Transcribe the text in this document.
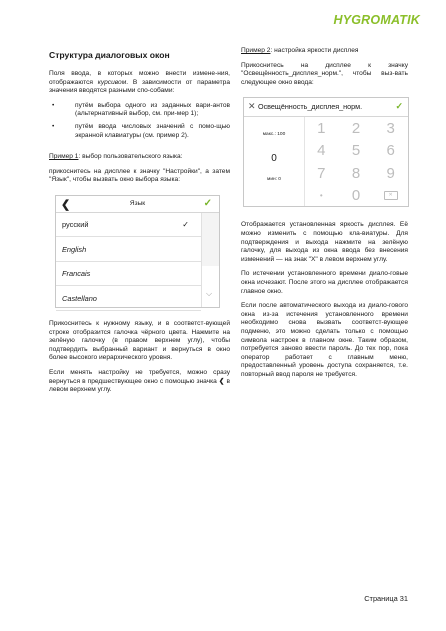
HYGROMATIK
Структура диалоговых окон

Поля ввода, в которых можно внести измене-ния, отображаются курсивом. В зависимости от параметра значения вводятся разными спо-собами:

•	путём выбора одного из заданных вари-антов (альтернативный выбор, см. при-мер 1);
•	путём ввода числовых значений с помо-щью экранной клавиатуры (см. пример 2).

Пример 1: выбор пользовательского языка:

прикоснитесь на дисплее к значку "Настройки", а затем "Язык", чтобы вызвать окно выбора языка:

❮	Язык	✓
русский	✓
English
Francais
Castellano
⌵

Прикоснитесь к нужному языку, и в соответст-вующей строке отобразится галочка чёрного цвета. Нажмите на зелёную галочку (в правом верхнем углу), чтобы подтвердить выбранный вариант и вернуться в окно более высокого иерархического уровня.

Если менять настройку не требуется, можно сразу вернуться в предшествующее окно с помощью значка ❮ в левом верхнем углу.

Пример 2: настройка яркости дисплея

Прикоснитесь на дисплее к значку "Освещённость_дисплея_норм.", чтобы выз-вать следующее окно ввода:

✕ Освещённость_дисплея_норм.	✓
макс.: 100
0
мин: 0
1	2	3
4	5	6
7	8	9
•	0	✕

Отображается установленная яркость дисплея. Её можно изменить с помощью кла-виатуры. Для подтверждения и выхода нажмите на зелёную галочку, для выхода из окна ввода без внесения изменений — на знак "X" в левом верхнем углу.

По истечении установленного времени диало-говые окна исчезают. После этого на дисплее отображается главное окно.

Если после автоматического выхода из диало-гового окна из-за истечения установленного времени необходимо снова вызвать соответст-вующее подменю, это можно сделать только с помощью символа настроек в главном окне. Таким образом, потребуется заново ввести пароль. До тех пор, пока оператор работает с главным меню, предоставленный уровень доступа сохраняется, т.е. повторный ввод пароля не требуется.

Страница 31
